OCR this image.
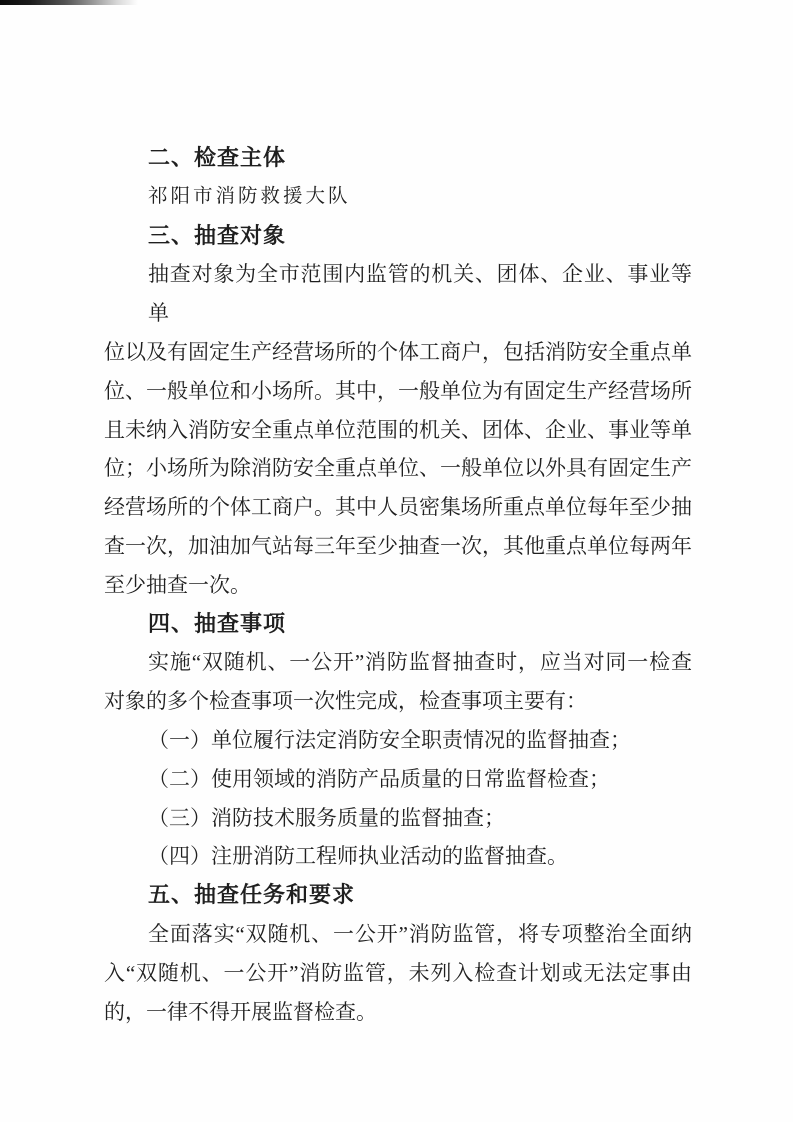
二、检查主体
祁阳市消防救援大队
三、抽查对象
抽查对象为全市范围内监管的机关、团体、企业、事业等单
位以及有固定生产经营场所的个体工商户，包括消防安全重点单
位、一般单位和小场所。其中，一般单位为有固定生产经营场所
且未纳入消防安全重点单位范围的机关、团体、企业、事业等单
位；小场所为除消防安全重点单位、一般单位以外具有固定生产
经营场所的个体工商户。其中人员密集场所重点单位每年至少抽
查一次，加油加气站每三年至少抽查一次，其他重点单位每两年
至少抽查一次。
四、抽查事项
实施“双随机、一公开”消防监督抽查时，应当对同一检查
对象的多个检查事项一次性完成，检查事项主要有：
（一）单位履行法定消防安全职责情况的监督抽查；
（二）使用领域的消防产品质量的日常监督检查；
（三）消防技术服务质量的监督抽查；
（四）注册消防工程师执业活动的监督抽查。
五、抽查任务和要求
全面落实“双随机、一公开”消防监管，将专项整治全面纳
入“双随机、一公开”消防监管，未列入检查计划或无法定事由
的，一律不得开展监督检查。
